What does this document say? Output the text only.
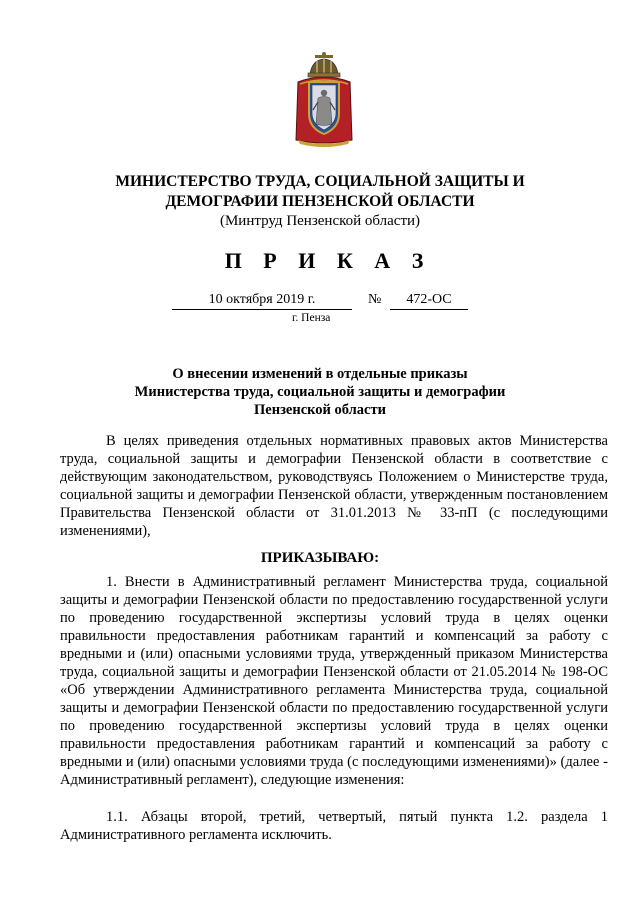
МИНИСТЕРСТВО ТРУДА, СОЦИАЛЬНОЙ ЗАЩИТЫ И
ДЕМОГРАФИИ ПЕНЗЕНСКОЙ ОБЛАСТИ
(Минтруд Пензенской области)
П Р И К А З
10 октября 2019 г.	№	472-ОС
г. Пенза
О внесении изменений в отдельные приказы
Министерства труда, социальной защиты и демографии
Пензенской области
В целях приведения отдельных нормативных правовых актов Министерства труда, социальной защиты и демографии Пензенской области в соответствие с действующим законодательством, руководствуясь Положением о Министерстве труда, социальной защиты и демографии Пензенской области, утвержденным постановлением Правительства Пензенской области от 31.01.2013 № 33-пП (с последующими изменениями),
ПРИКАЗЫВАЮ:
1. Внести в Административный регламент Министерства труда, социальной защиты и демографии Пензенской области по предоставлению государственной услуги по проведению государственной экспертизы условий труда в целях оценки правильности предоставления работникам гарантий и компенсаций за работу с вредными и (или) опасными условиями труда, утвержденный приказом Министерства труда, социальной защиты и демографии Пензенской области от 21.05.2014 № 198-ОС «Об утверждении Административного регламента Министерства труда, социальной защиты и демографии Пензенской области по предоставлению государственной услуги по проведению государственной экспертизы условий труда в целях оценки правильности предоставления работникам гарантий и компенсаций за работу с вредными и (или) опасными условиями труда (с последующими изменениями)» (далее - Административный регламент), следующие изменения:
1.1. Абзацы второй, третий, четвертый, пятый пункта 1.2. раздела 1 Административного регламента исключить.
